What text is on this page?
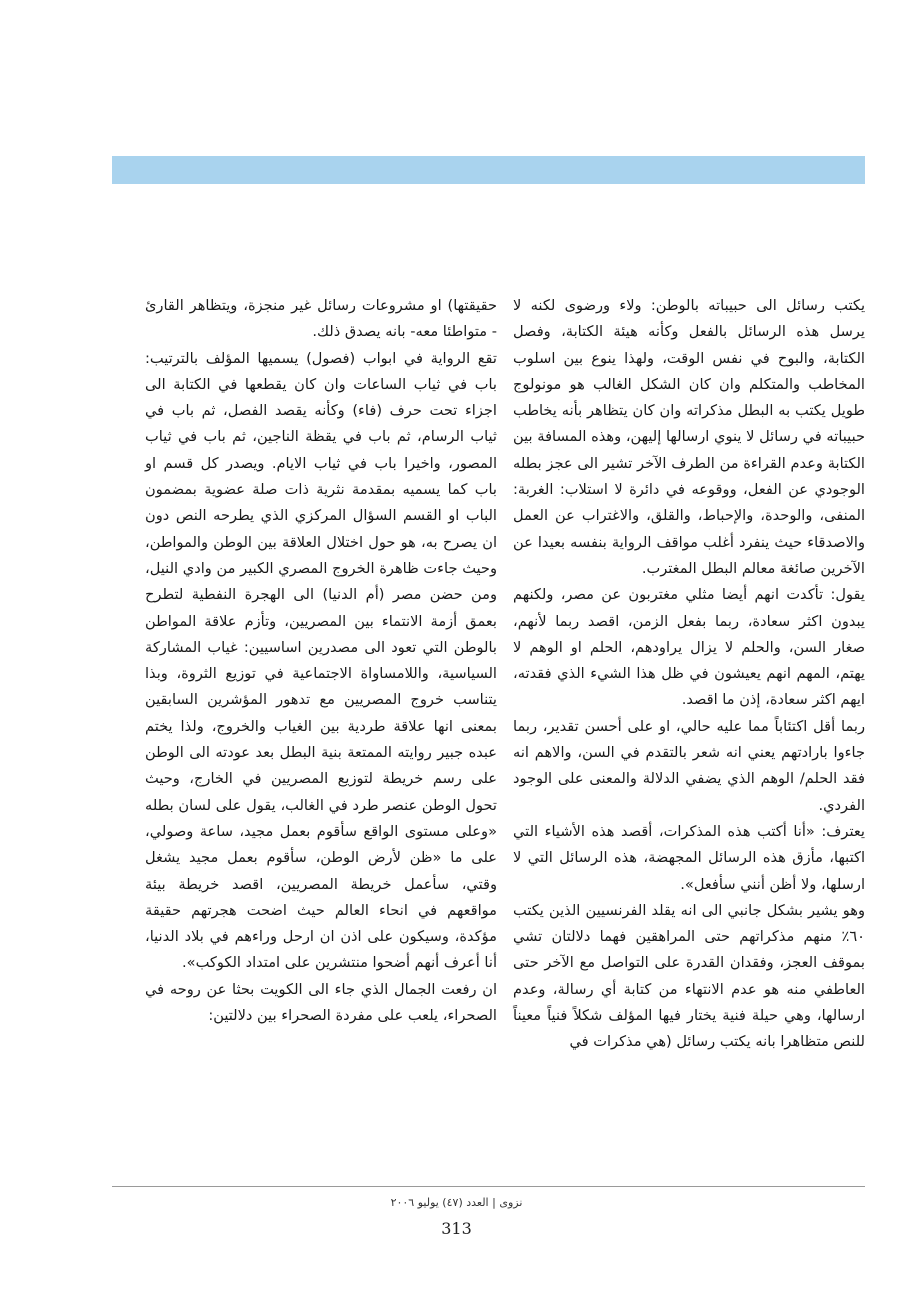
يكتب رسائل الى حبيباته بالوطن: ولاء ورضوى لكنه لا يرسل هذه الرسائل بالفعل وكأنه هيئة الكتابة، وفصل الكتابة، والبوح في نفس الوقت، ولهذا ينوع بين اسلوب المخاطب والمتكلم وان كان الشكل الغالب هو مونولوج طويل يكتب به البطل مذكراته وان كان يتظاهر بأنه يخاطب حبيباته في رسائل لا ينوي ارسالها إليهن، وهذه المسافة بين الكتابة وعدم القراءة من الطرف الآخر تشير الى عجز بطله الوجودي عن الفعل، ووقوعه في دائرة لا استلاب: الغربة: المنفى، والوحدة، والإحباط، والقلق، والاغتراب عن العمل والاصدقاء حيث ينفرد أغلب مواقف الرواية بنفسه بعيدا عن الآخرين صائغة معالم البطل المغترب.

يقول: تأكدت انهم أيضا مثلي مغتربون عن مصر، ولكنهم يبدون اكثر سعادة، ربما بفعل الزمن، اقصد ربما لأنهم، صغار السن، والحلم لا يزال يراودهم، الحلم او الوهم لا يهتم، المهم انهم يعيشون في ظل هذا الشيء الذي فقدته، ايهم اكثر سعادة، إذن ما اقصد.

ربما أقل اكتئاباً مما عليه حالي، او على أحسن تقدير، ربما جاءوا بارادتهم يعني انه شعر بالتقدم في السن، والاهم انه فقد الحلم/ الوهم الذي يضفي الدلالة والمعنى على الوجود الفردي.

يعترف: «أنا أكتب هذه المذكرات، أقصد هذه الأشياء التي اكتبها، مأزق هذه الرسائل المجهضة، هذه الرسائل التي لا ارسلها، ولا أظن أنني سأفعل».

وهو يشير بشكل جانبي الى انه يقلد الفرنسيين الذين يكتب ٦٠٪ منهم مذكراتهم حتى المراهقين فهما دلالتان تشي بموقف العجز، وفقدان القدرة على التواصل مع الآخر حتى العاطفي منه هو عدم الانتهاء من كتابة أي رسالة، وعدم ارسالها، وهي حيلة فنية يختار فيها المؤلف شكلاً فنياً معيناً للنص متظاهرا بانه يكتب رسائل (هي مذكرات في

حقيقتها) او مشروعات رسائل غير منجزة، ويتظاهر القارئ - متواطئا معه- بانه يصدق ذلك.

تقع الرواية في ابواب (فصول) يسميها المؤلف بالترتيب: باب في ثياب الساعات وان كان يقطعها في الكتابة الى اجزاء تحت حرف (فاء) وكأنه يقصد الفصل، ثم باب في ثياب الرسام، ثم باب في يقظة الناجين، ثم باب في ثياب المصور، واخيرا باب في ثياب الايام. ويصدر كل قسم او باب كما يسميه بمقدمة نثرية ذات صلة عضوية بمضمون الباب او القسم السؤال المركزي الذي يطرحه النص دون ان يصرح به، هو حول اختلال العلاقة بين الوطن والمواطن، وحيث جاءت ظاهرة الخروج المصري الكبير من وادي النيل، ومن حضن مصر (أم الدنيا) الى الهجرة النفطية لتطرح بعمق أزمة الانتماء بين المصريين، وتأزم علاقة المواطن بالوطن التي تعود الى مصدرين اساسيين: غياب المشاركة السياسية، واللامساواة الاجتماعية في توزيع الثروة، وبذا يتناسب خروج المصريين مع تدهور المؤشرين السابقين بمعنى انها علاقة طردية بين الغياب والخروج، ولذا يختم عبده جبير روايته الممتعة بنية البطل بعد عودته الى الوطن على رسم خريطة لتوزيع المصريين في الخارج، وحيث تحول الوطن عنصر طرد في الغالب، يقول على لسان بطله «وعلى مستوى الواقع سأقوم بعمل مجيد، ساعة وصولي، على ما «ظن لأرض الوطن، سأقوم بعمل مجيد يشغل وقتي، سأعمل خريطة المصريين، اقصد خريطة بيئة مواقعهم في انحاء العالم حيث اضحت هجرتهم حقيقة مؤكدة، وسيكون على اذن ان ارحل وراءهم في بلاد الدنيا، أنا أعرف أنهم أضحوا منتشرين على امتداد الكوكب».

ان رفعت الجمال الذي جاء الى الكويت بحثا عن روحه في الصحراء، يلعب على مفردة الصحراء بين دلالتين:

نزوى | العدد (٤٧) يوليو ٢٠٠٦
313
